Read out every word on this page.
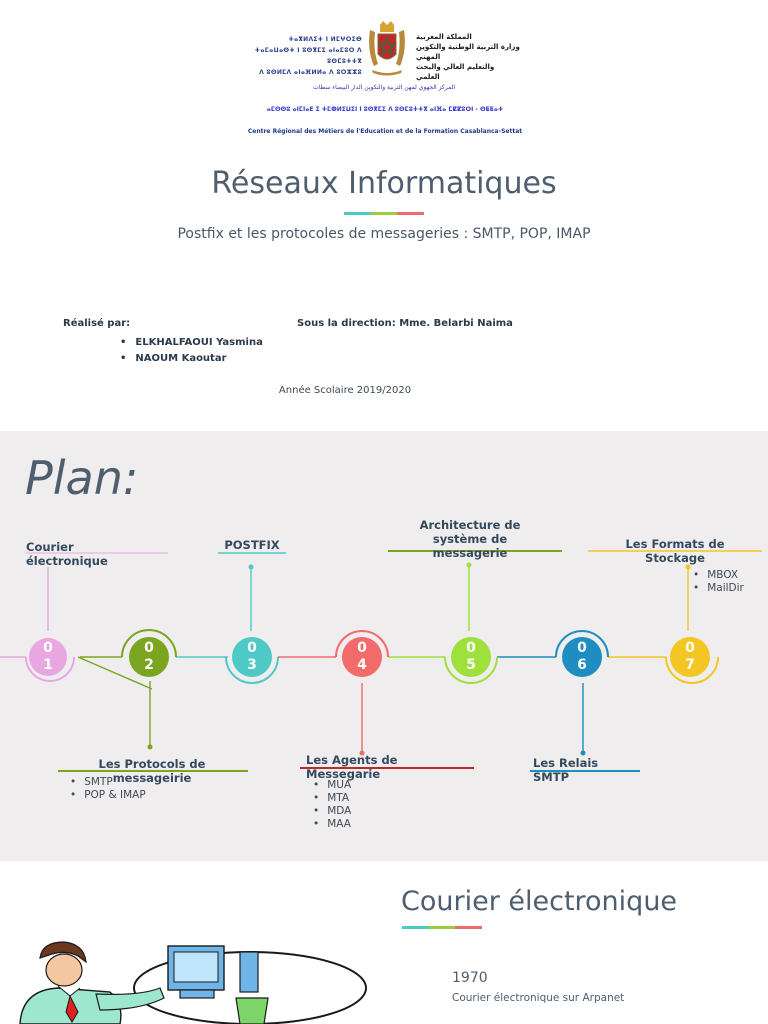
ⵜⴰⴳⵍⴷⵉⵜ ⵏ ⵍⵎⵖⵔⵉⴱ
ⵜⴰⵎⴰⵡⴰⵙⵜ ⵏ ⵓⵙⴳⵎⵉ ⴰⵏⴰⵎⵓⵔ ⴷ ⵓⵙⵎⵓⵜⵜⴳ
ⴷ ⵓⵙⵍⵎⴷ ⴰⵏⴰⴼⵍⵍⴰ ⴷ ⵓⵔⵣⵣⵓ
المملكة المغربية
وزارة التربية الوطنية والتكوين المهني
والتعليم العالي والبحث العلمي
المركز الجهوي لمهن التربية والتكوين الدار البيضاء سطات
ⴰⵎⵙⵙⵓ ⴰⵏⵎⵏⴰⴹ ⵉ ⵜⵎⵀⵍⵉⵡⵉⵏ ⵏ ⵓⵙⴳⵎⵉ ⴷ ⵓⵙⵎⵓⵜⵜⴳ ⴰⵏⴼⴰ ⵎⵇⵇⵓⵔⵏ - ⵙⵟⵟⴰⵜ
Centre Régional des Métiers de l'Education et de la Formation Casablanca-Settat
Réseaux Informatiques
Postfix et les protocoles de messageries : SMTP, POP, IMAP
Réalisé par:	Sous la direction: Mme. Belarbi Naima
• ELKHALFAOUI Yasmina
• NAOUM Kaoutar
Année Scolaire 2019/2020
Plan:
Courier électronique
0
1
Les Protocols de messageirie
• SMTP
• POP & IMAP
0
2
POSTFIX
0
3
Les Agents de Messegarie
• MUA
• MTA
• MDA
• MAA
0
4
Architecture de système de messagerie
0
5
Les Relais SMTP
0
6
Les Formats de Stockage
• MBOX
• MailDir
0
7
Courier électronique
1970
Courier électronique sur Arpanet
